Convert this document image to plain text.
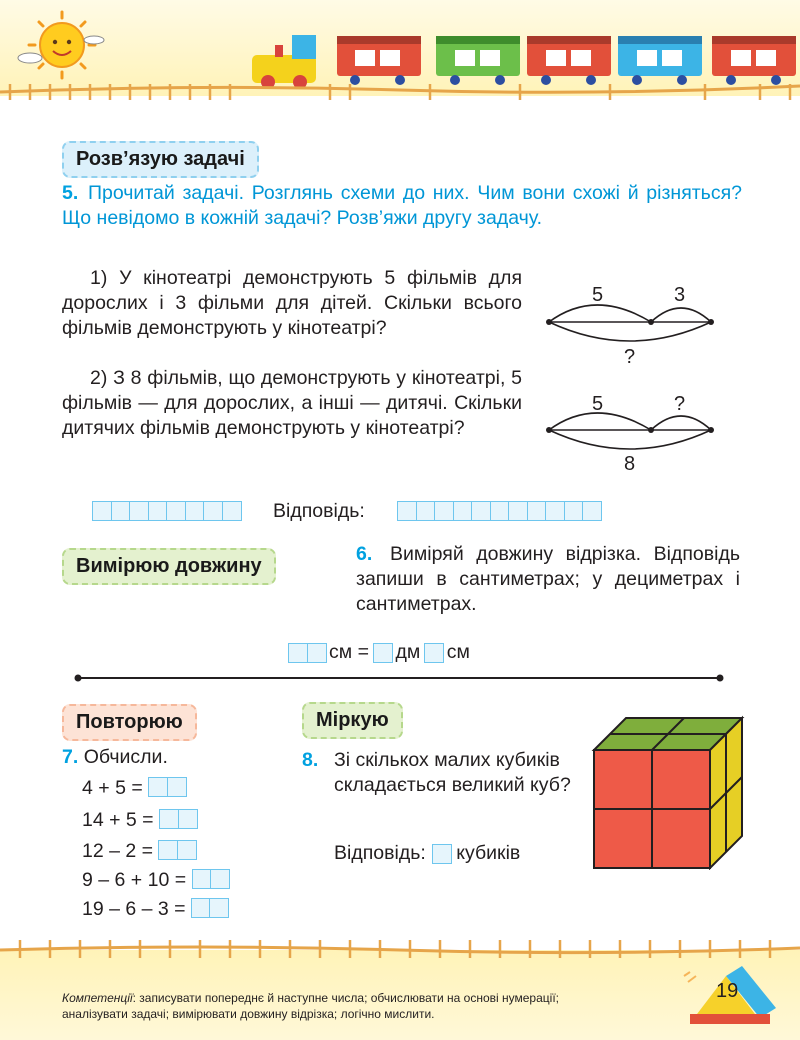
Розв’язую задачі
5. Прочитай задачі. Розглянь схеми до них. Чим вони схожі й різняться? Що невідомо в кожній задачі? Розв’яжи другу задачу.
1) У кінотеатрі демонструють 5 фільмів для дорослих і 3 фільми для дітей. Скільки всього фільмів демонструють у кінотеатрі?
2) З 8 фільмів, що демонструють у кінотеатрі, 5 фільмів — для дорослих, а інші — дитячі. Скільки дитячих фільмів демонструють у кінотеатрі?
5	3
?
5	?
8
Відповідь:
Вимірюю довжину
6. Виміряй довжину відрізка. Відповідь запиши в сантиметрах; у дециметрах і сантиметрах.
см = дм см
Повторюю
7. Обчисли.
4 + 5 =
14 + 5 =
12 – 2 =
9 – 6 + 10 =
19 – 6 – 3 =
Міркую
8. Зі скількох малих кубиків складається великий куб?
Відповідь: кубиків
Компетенції: записувати попереднє й наступне числа; обчислювати на основі нумерації; аналізувати задачі; вимірювати довжину відрізка; логічно мислити.
19
